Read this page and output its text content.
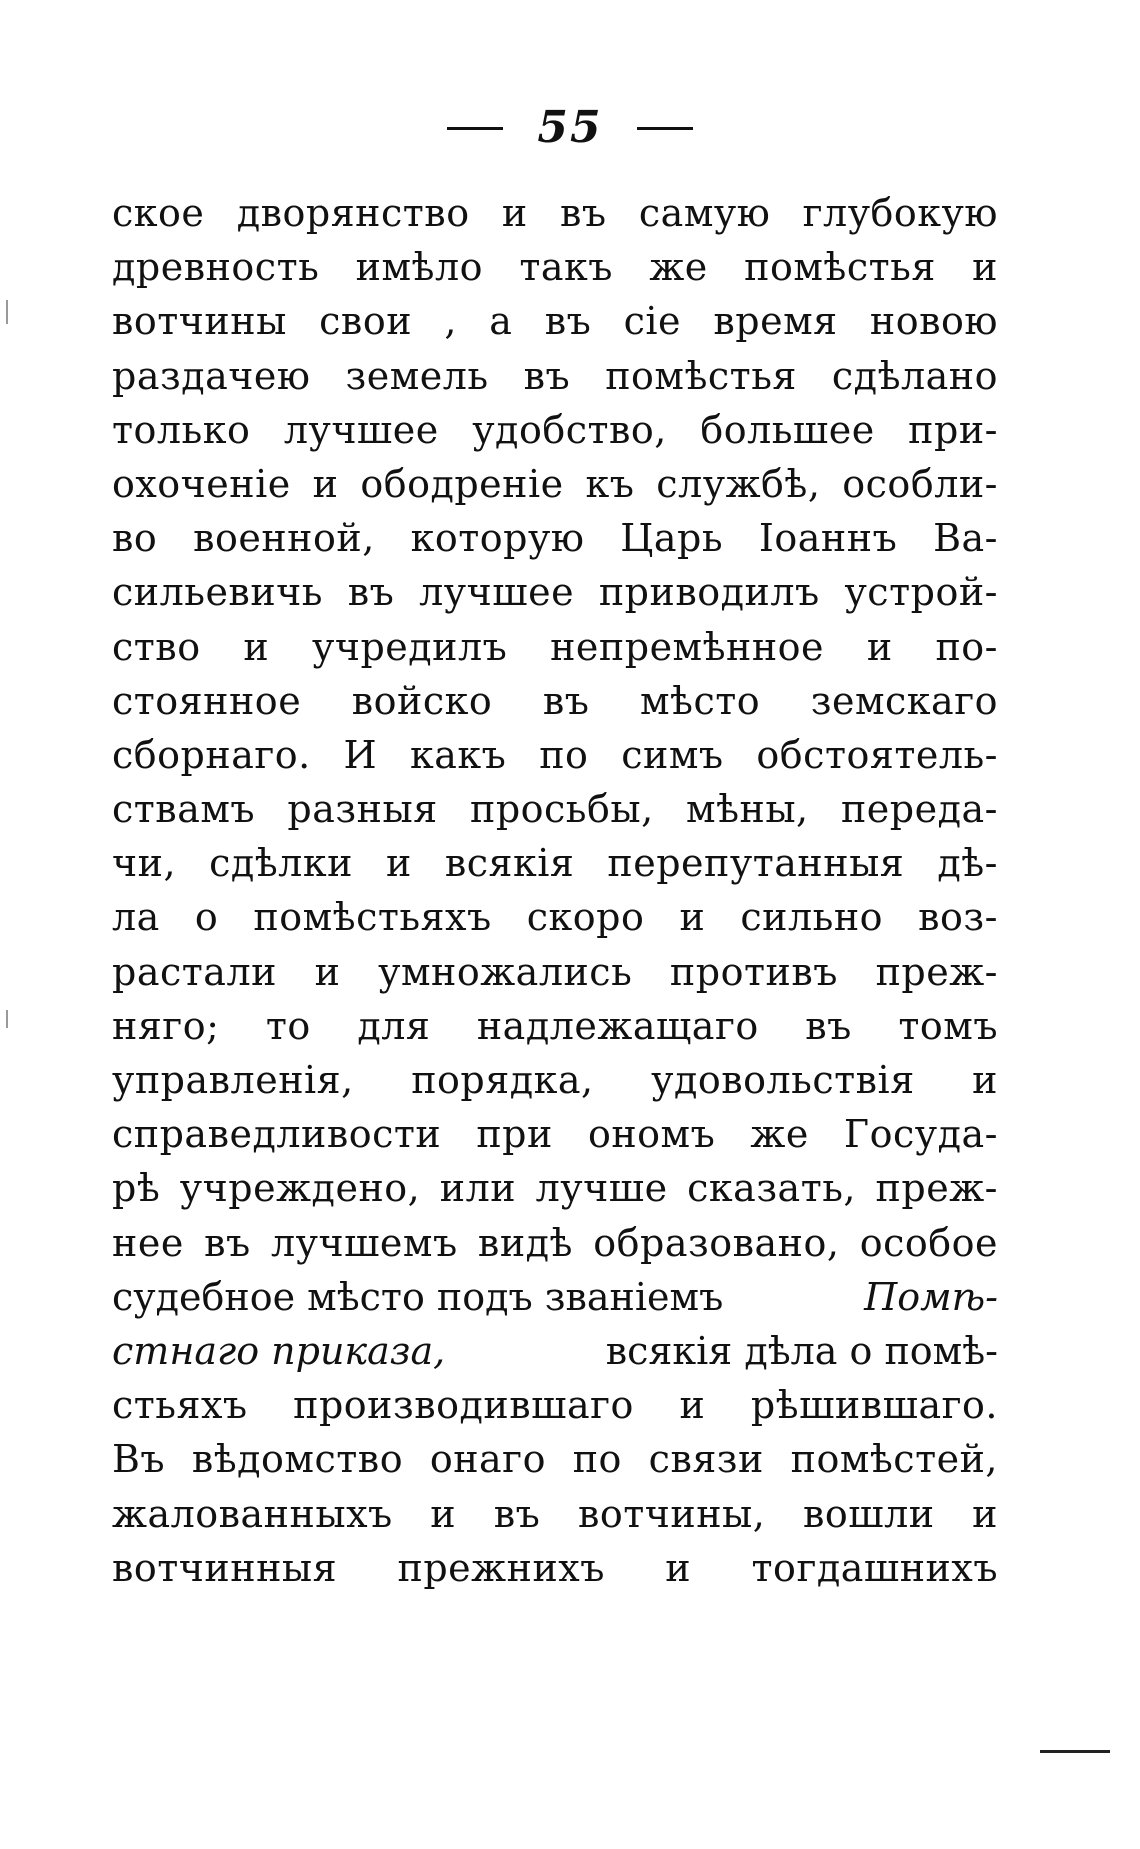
55
ское дворянство и въ самую глубокую
древность имѣло такъ же помѣстья и
вотчины свои , а въ сіе время новою
раздачею земель въ помѣстья сдѣлано
только лучшее удобство, большее при-
охоченіе и ободреніе къ службѣ, особли-
во военной, которую Царь Іоаннъ Ва-
сильевичь въ лучшее приводилъ устрой-
ство и учредилъ непремѣнное и по-
стоянное войско въ мѣсто земскаго
сборнаго. И какъ по симъ обстоятель-
ствамъ разныя просьбы, мѣны, переда-
чи, сдѣлки и всякія перепутанныя дѣ-
ла о помѣстьяхъ скоро и сильно воз-
растали и умножались противъ преж-
няго; то для надлежащаго въ томъ
управленія, порядка, удовольствія и
справедливости при ономъ же Госуда-
рѣ учреждено, или лучше сказать, преж-
нее въ лучшемъ видѣ образовано, особое
судебное мѣсто подъ званіемъ	Помѣ-
стнаго приказа,	всякія дѣла о помѣ-
стьяхъ производившаго и рѣшившаго.
Въ вѣдомство онаго по связи помѣстей,
жалованныхъ и въ вотчины, вошли и
вотчинныя прежнихъ и тогдашнихъ
